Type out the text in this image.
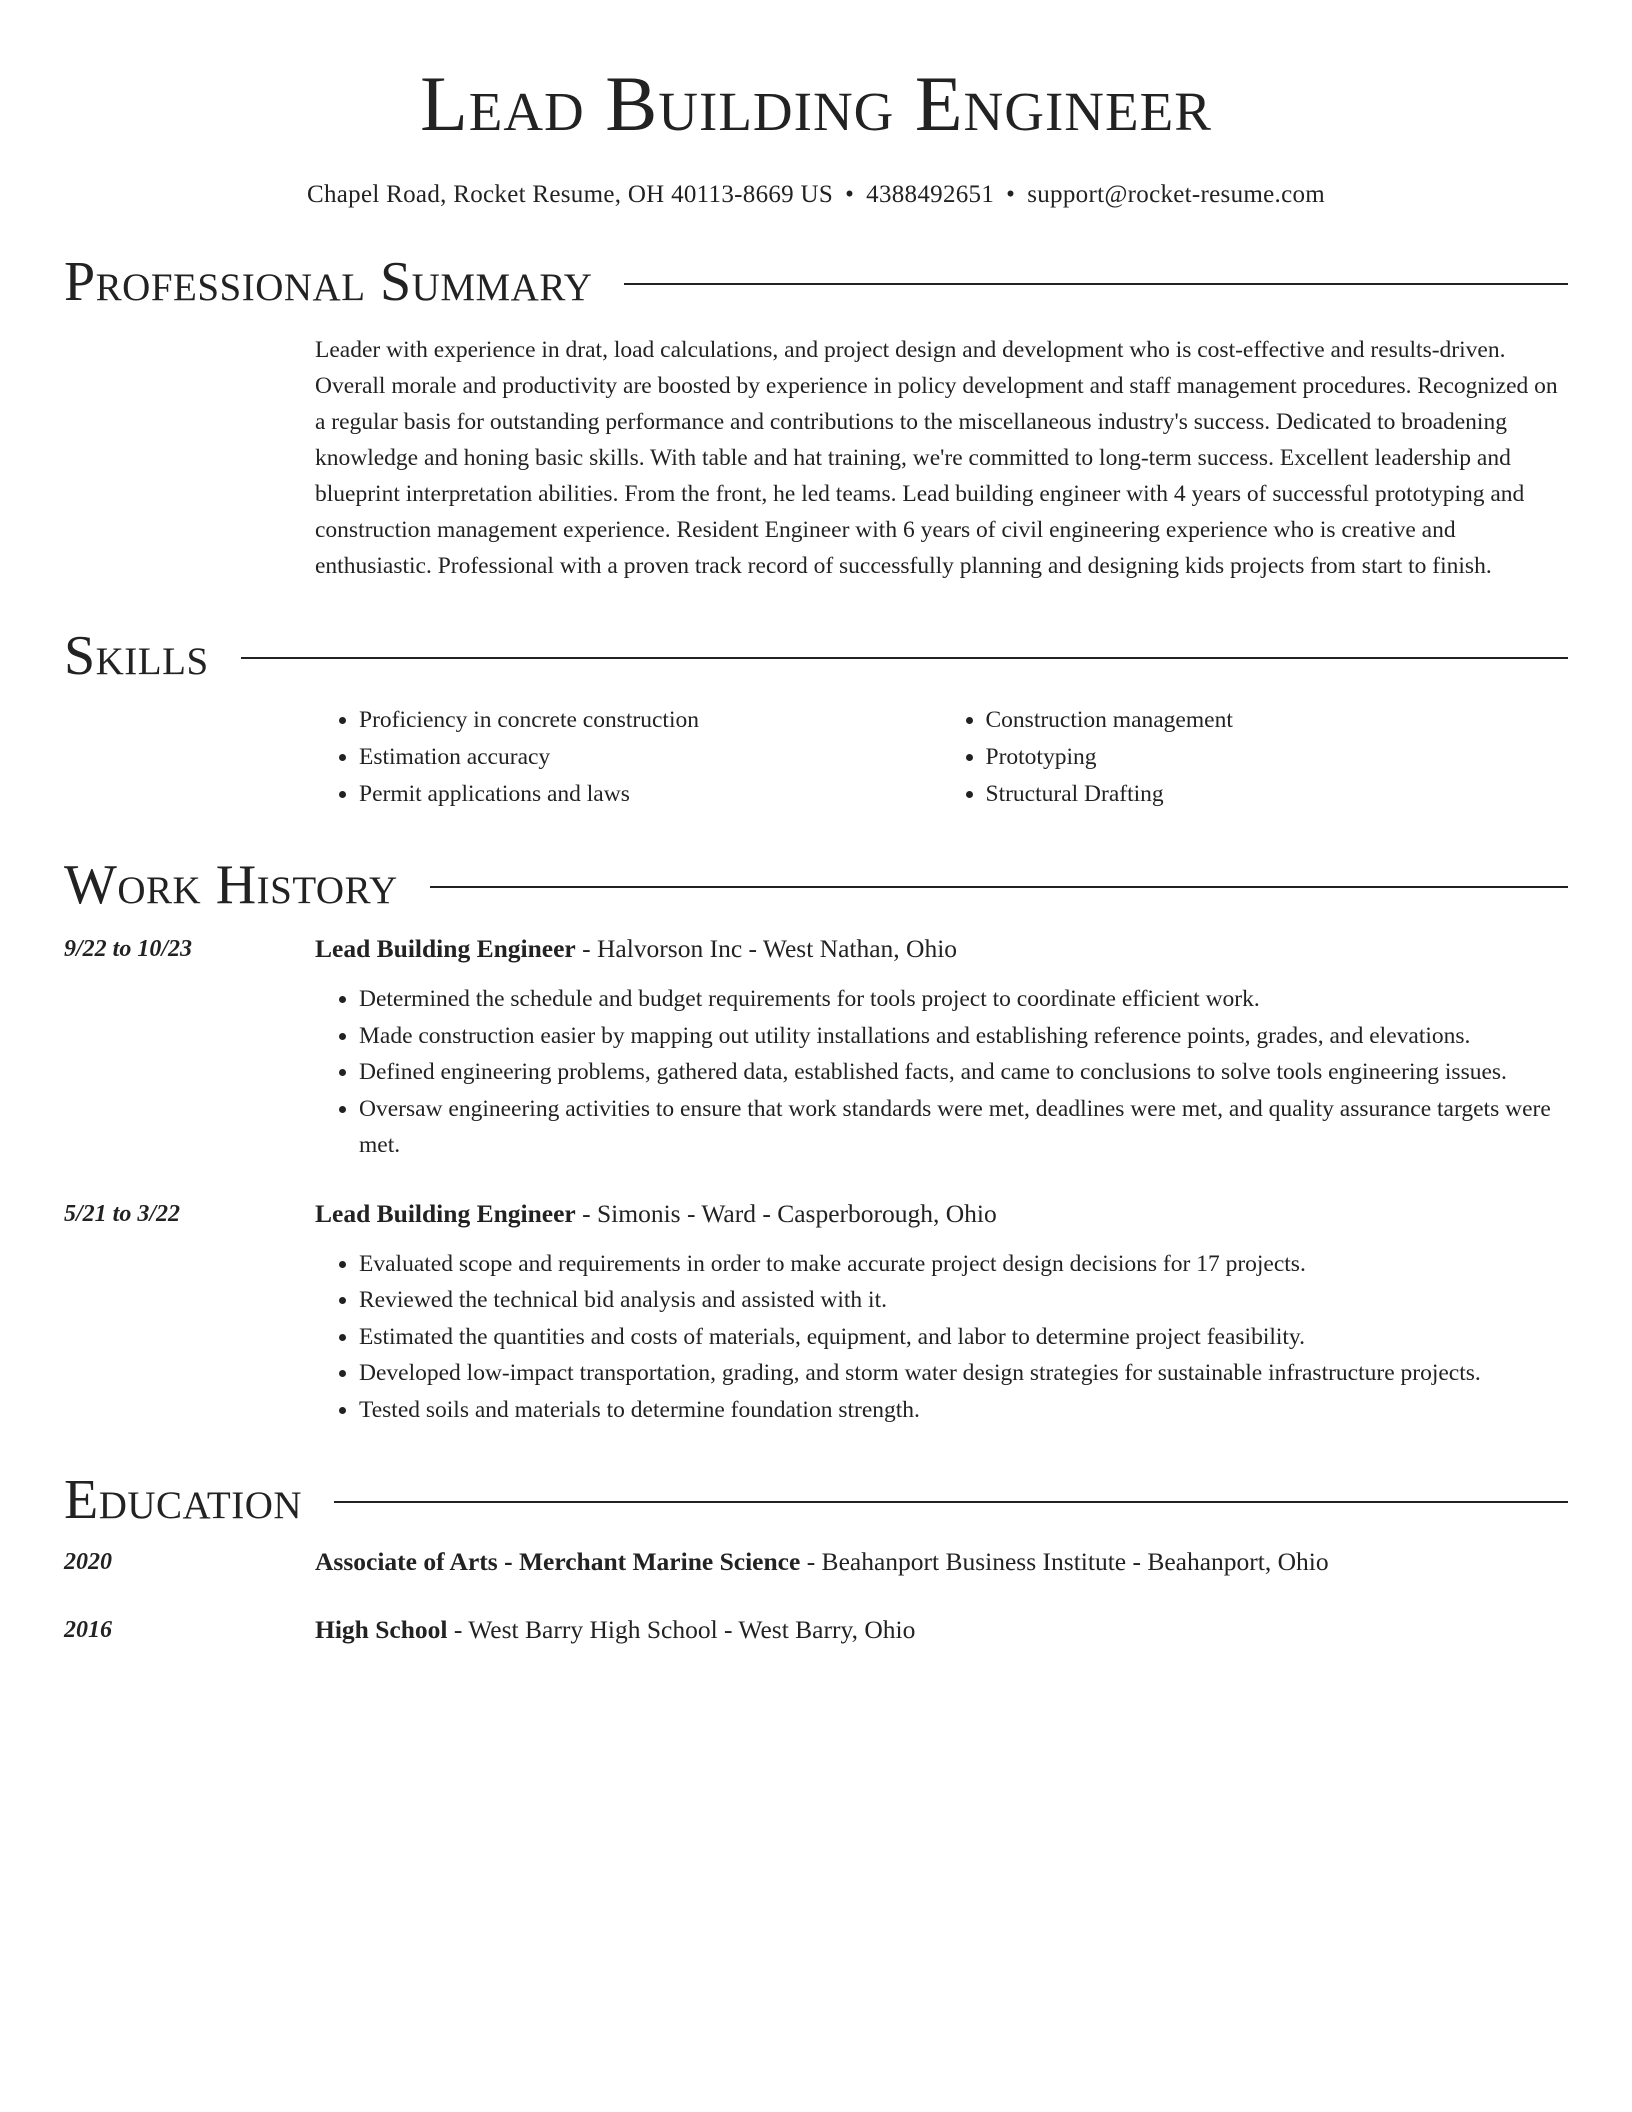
Lead Building Engineer
Chapel Road, Rocket Resume, OH 40113-8669 US • 4388492651 • support@rocket-resume.com
Professional Summary
Leader with experience in drat, load calculations, and project design and development who is cost-effective and results-driven. Overall morale and productivity are boosted by experience in policy development and staff management procedures. Recognized on a regular basis for outstanding performance and contributions to the miscellaneous industry's success. Dedicated to broadening knowledge and honing basic skills. With table and hat training, we're committed to long-term success. Excellent leadership and blueprint interpretation abilities. From the front, he led teams. Lead building engineer with 4 years of successful prototyping and construction management experience. Resident Engineer with 6 years of civil engineering experience who is creative and enthusiastic. Professional with a proven track record of successfully planning and designing kids projects from start to finish.
Skills
• Proficiency in concrete construction
• Estimation accuracy
• Permit applications and laws
• Construction management
• Prototyping
• Structural Drafting
Work History
9/22 to 10/23	Lead Building Engineer - Halvorson Inc - West Nathan, Ohio
• Determined the schedule and budget requirements for tools project to coordinate efficient work.
• Made construction easier by mapping out utility installations and establishing reference points, grades, and elevations.
• Defined engineering problems, gathered data, established facts, and came to conclusions to solve tools engineering issues.
• Oversaw engineering activities to ensure that work standards were met, deadlines were met, and quality assurance targets were met.
5/21 to 3/22	Lead Building Engineer - Simonis - Ward - Casperborough, Ohio
• Evaluated scope and requirements in order to make accurate project design decisions for 17 projects.
• Reviewed the technical bid analysis and assisted with it.
• Estimated the quantities and costs of materials, equipment, and labor to determine project feasibility.
• Developed low-impact transportation, grading, and storm water design strategies for sustainable infrastructure projects.
• Tested soils and materials to determine foundation strength.
Education
2020	Associate of Arts - Merchant Marine Science - Beahanport Business Institute - Beahanport, Ohio
2016	High School - West Barry High School - West Barry, Ohio
